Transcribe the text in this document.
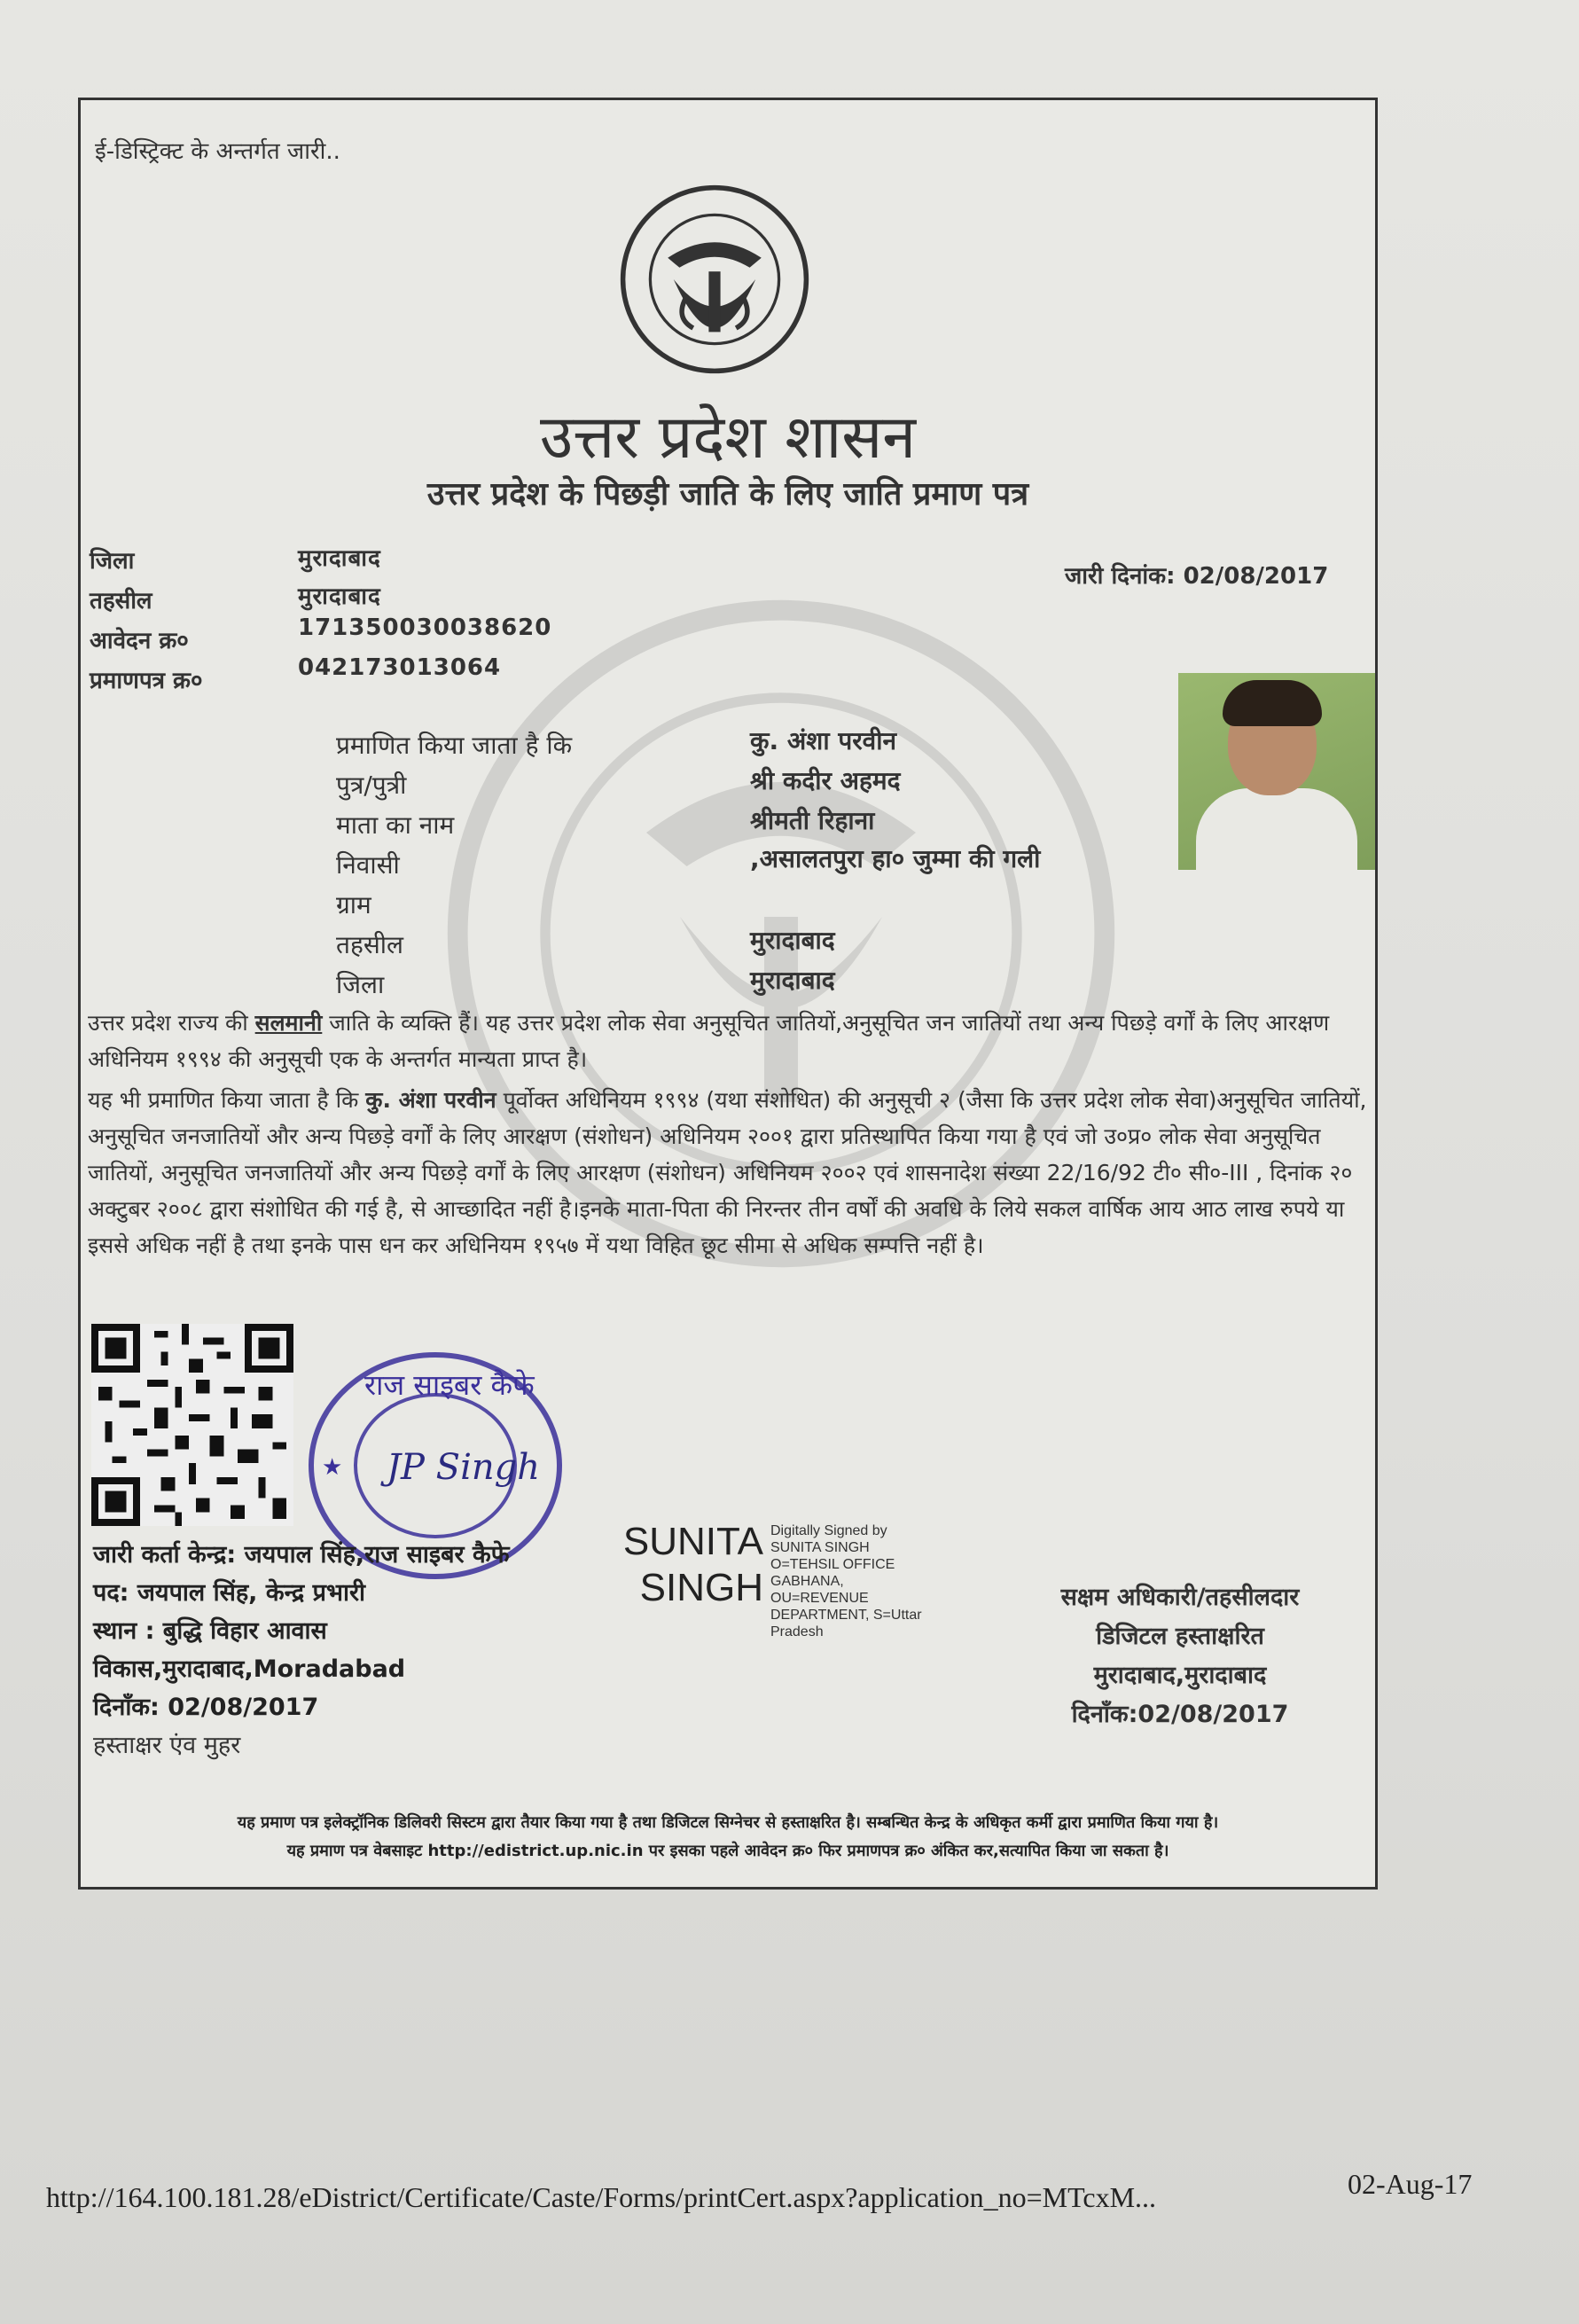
ई-डिस्ट्रिक्ट के अन्तर्गत जारी..
उत्तर प्रदेश शासन
उत्तर प्रदेश के पिछड़ी जाति के लिए जाति प्रमाण पत्र
जिला	मुरादाबाद
तहसील	मुरादाबाद
आवेदन क्र०	171350030038620
प्रमाणपत्र क्र०	042173013064
जारी दिनांक: 02/08/2017
प्रमाणित किया जाता है कि	कु. अंशा परवीन
पुत्र/पुत्री	श्री कदीर अहमद
माता का नाम	श्रीमती रिहाना
निवासी	,असालतपुरा हा० जुम्मा की गली
ग्राम
तहसील	मुरादाबाद
जिला	मुरादाबाद

उत्तर प्रदेश राज्य की सलमानी जाति के व्यक्ति हैं। यह उत्तर प्रदेश लोक सेवा अनुसूचित जातियों,अनुसूचित जन जातियों तथा अन्य पिछड़े वर्गों के लिए आरक्षण अधिनियम १९९४ की अनुसूची एक के अन्तर्गत मान्यता प्राप्त है।

यह भी प्रमाणित किया जाता है कि कु. अंशा परवीन पूर्वोक्त अधिनियम १९९४ (यथा संशोधित) की अनुसूची २ (जैसा कि उत्तर प्रदेश लोक सेवा)अनुसूचित जातियों, अनुसूचित जनजातियों और अन्य पिछड़े वर्गों के लिए आरक्षण (संशोधन) अधिनियम २००१ द्वारा प्रतिस्थापित किया गया है एवं जो उ०प्र० लोक सेवा अनुसूचित जातियों, अनुसूचित जनजातियों और अन्य पिछड़े वर्गों के लिए आरक्षण (संशोधन) अधिनियम २००२ एवं शासनादेश संख्या 22/16/92 टी० सी०-III , दिनांक २० अक्टुबर २००८ द्वारा संशोधित की गई है, से आच्छादित नहीं है।इनके माता-पिता की निरन्तर तीन वर्षों की अवधि के लिये सकल वार्षिक आय आठ लाख रुपये या इससे अधिक नहीं है तथा इनके पास धन कर अधिनियम १९५७ में यथा विहित छूट सीमा से अधिक सम्पत्ति नहीं है।

राज साइबर कैफे
JP Singh
★
जारी कर्ता केन्द्र: जयपाल सिंह,राज साइबर कैफे
पद: जयपाल सिंह, केन्द्र प्रभारी
स्थान : बुद्धि विहार आवास
विकास,मुरादाबाद,Moradabad
दिनाँक: 02/08/2017
हस्ताक्षर एंव मुहर
SUNITA
SINGH
Digitally Signed by
SUNITA SINGH
O=TEHSIL OFFICE
GABHANA,
OU=REVENUE
DEPARTMENT, S=Uttar
Pradesh
सक्षम अधिकारी/तहसीलदार
डिजिटल हस्ताक्षरित
मुरादाबाद,मुरादाबाद
दिनाँक:02/08/2017
यह प्रमाण पत्र इलेक्ट्रॉनिक डिलिवरी सिस्टम द्वारा तैयार किया गया है तथा डिजिटल सिग्नेचर से हस्ताक्षरित है। सम्बन्धित केन्द्र के अधिकृत कर्मी द्वारा प्रमाणित किया गया है।
यह प्रमाण पत्र वेबसाइट http://edistrict.up.nic.in पर इसका पहले आवेदन क्र० फिर प्रमाणपत्र क्र० अंकित कर,सत्यापित किया जा सकता है।
http://164.100.181.28/eDistrict/Certificate/Caste/Forms/printCert.aspx?application_no=MTcxM...	02-Aug-17
